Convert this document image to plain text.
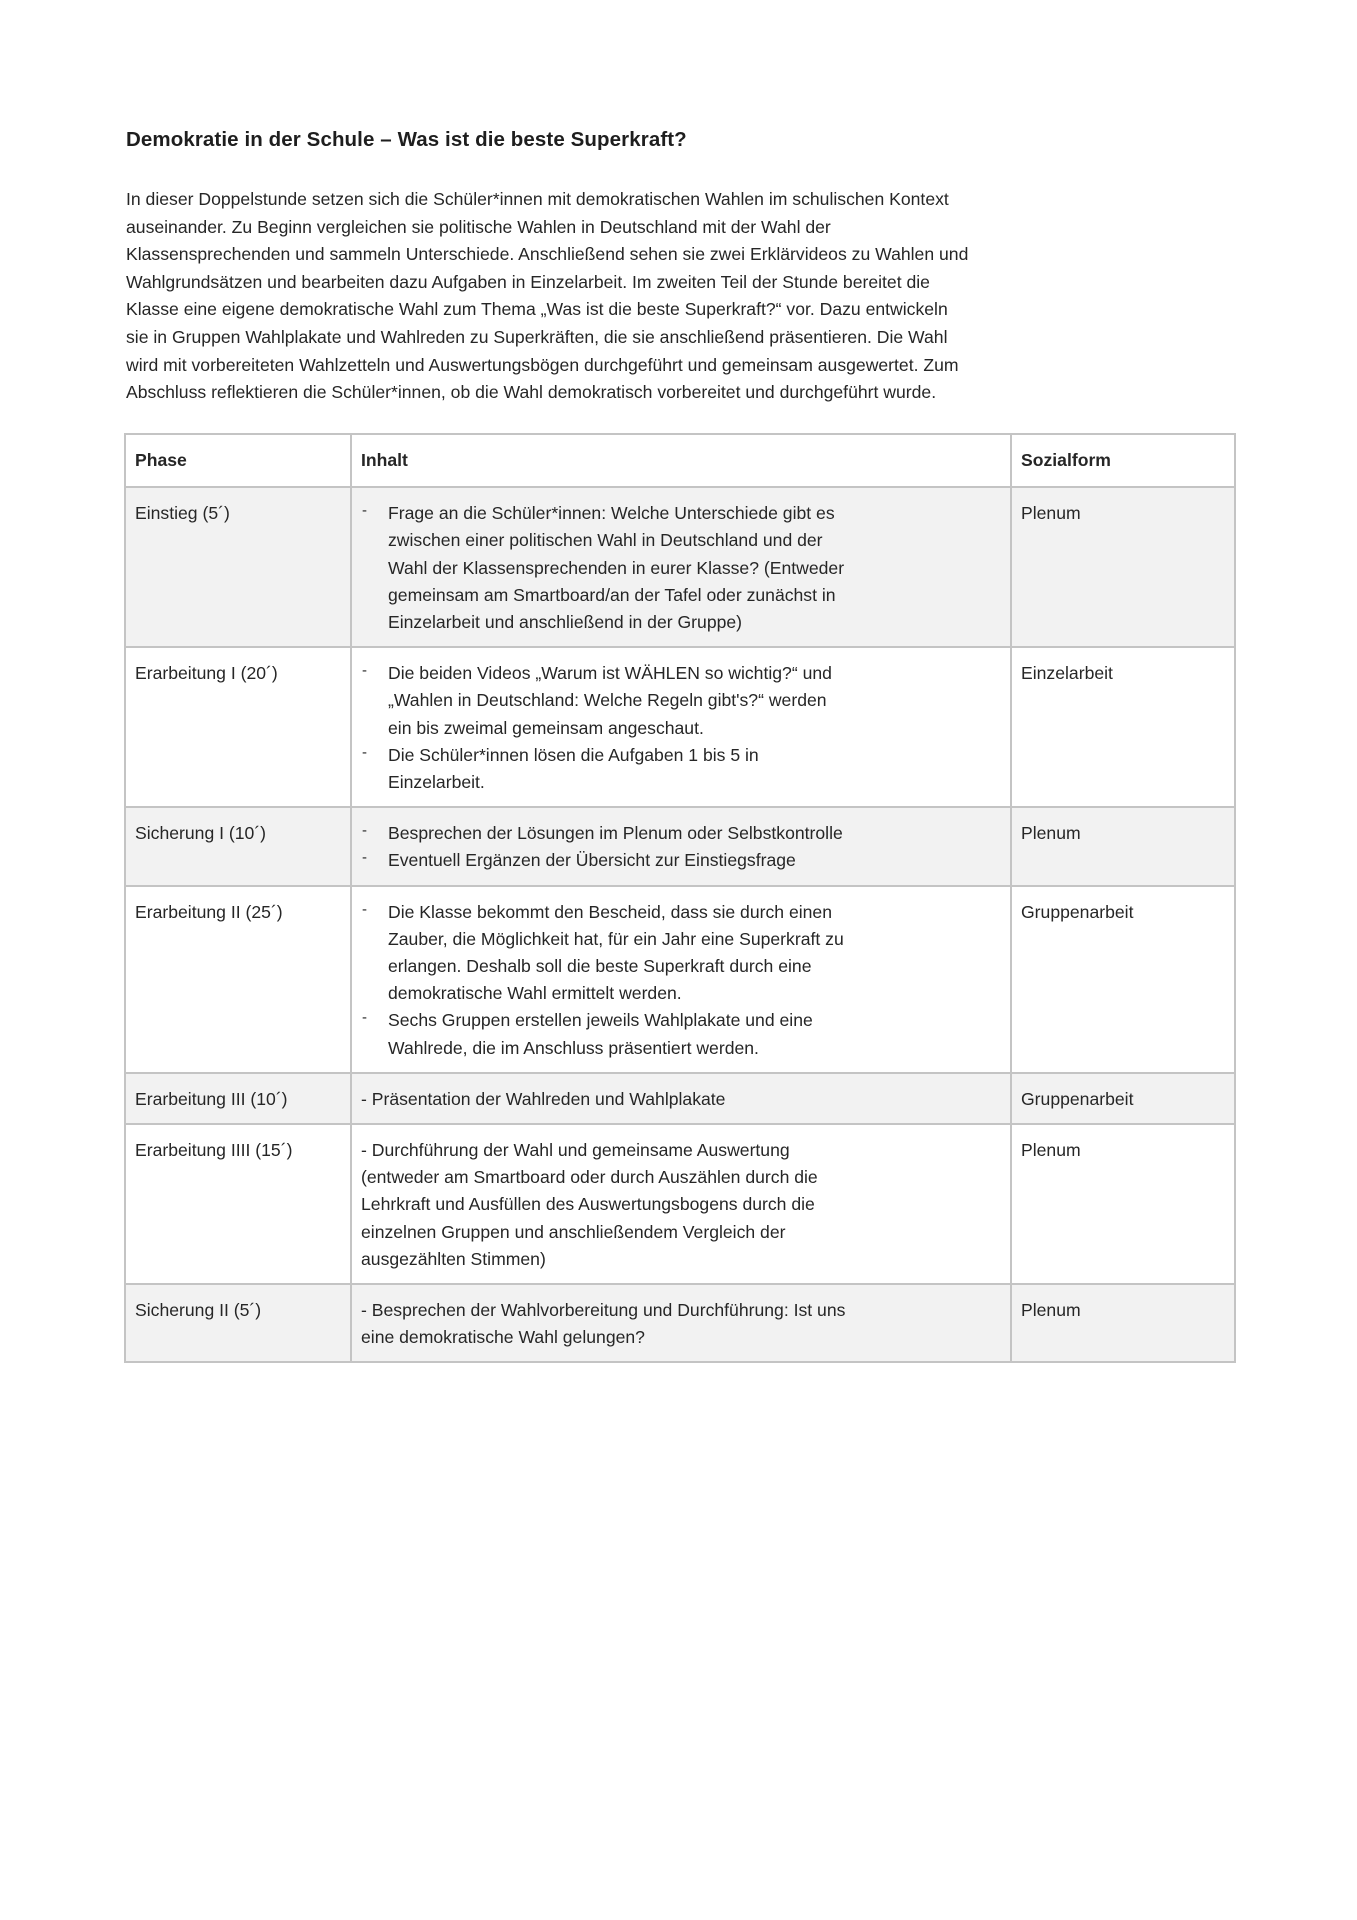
Demokratie in der Schule – Was ist die beste Superkraft?
In dieser Doppelstunde setzen sich die Schüler*innen mit demokratischen Wahlen im schulischen Kontext
auseinander. Zu Beginn vergleichen sie politische Wahlen in Deutschland mit der Wahl der
Klassensprechenden und sammeln Unterschiede. Anschließend sehen sie zwei Erklärvideos zu Wahlen und
Wahlgrundsätzen und bearbeiten dazu Aufgaben in Einzelarbeit. Im zweiten Teil der Stunde bereitet die
Klasse eine eigene demokratische Wahl zum Thema „Was ist die beste Superkraft?“ vor. Dazu entwickeln
sie in Gruppen Wahlplakate und Wahlreden zu Superkräften, die sie anschließend präsentieren. Die Wahl
wird mit vorbereiteten Wahlzetteln und Auswertungsbögen durchgeführt und gemeinsam ausgewertet. Zum
Abschluss reflektieren die Schüler*innen, ob die Wahl demokratisch vorbereitet und durchgeführt wurde.
Phase	Inhalt	Sozialform
Einstieg (5´)	- Frage an die Schüler*innen: Welche Unterschiede gibt es
zwischen einer politischen Wahl in Deutschland und der
Wahl der Klassensprechenden in eurer Klasse? (Entweder
gemeinsam am Smartboard/an der Tafel oder zunächst in
Einzelarbeit und anschließend in der Gruppe)
	Plenum
Erarbeitung I (20´)	- Die beiden Videos „Warum ist WÄHLEN so wichtig?“ und
„Wahlen in Deutschland: Welche Regeln gibt's?“ werden
ein bis zweimal gemeinsam angeschaut.
- Die Schüler*innen lösen die Aufgaben 1 bis 5 in
Einzelarbeit.
	Einzelarbeit
Sicherung I (10´)	- Besprechen der Lösungen im Plenum oder Selbstkontrolle
- Eventuell Ergänzen der Übersicht zur Einstiegsfrage
	Plenum
Erarbeitung II (25´)	- Die Klasse bekommt den Bescheid, dass sie durch einen
Zauber, die Möglichkeit hat, für ein Jahr eine Superkraft zu
erlangen. Deshalb soll die beste Superkraft durch eine
demokratische Wahl ermittelt werden.
- Sechs Gruppen erstellen jeweils Wahlplakate und eine
Wahlrede, die im Anschluss präsentiert werden.
	Gruppenarbeit
Erarbeitung III (10´)	- Präsentation der Wahlreden und Wahlplakate	Gruppenarbeit
Erarbeitung IIII (15´)	- Durchführung der Wahl und gemeinsame Auswertung
(entweder am Smartboard oder durch Auszählen durch die
Lehrkraft und Ausfüllen des Auswertungsbogens durch die
einzelnen Gruppen und anschließendem Vergleich der
ausgezählten Stimmen)	Plenum
Sicherung II (5´)	- Besprechen der Wahlvorbereitung und Durchführung: Ist uns
eine demokratische Wahl gelungen?	Plenum
